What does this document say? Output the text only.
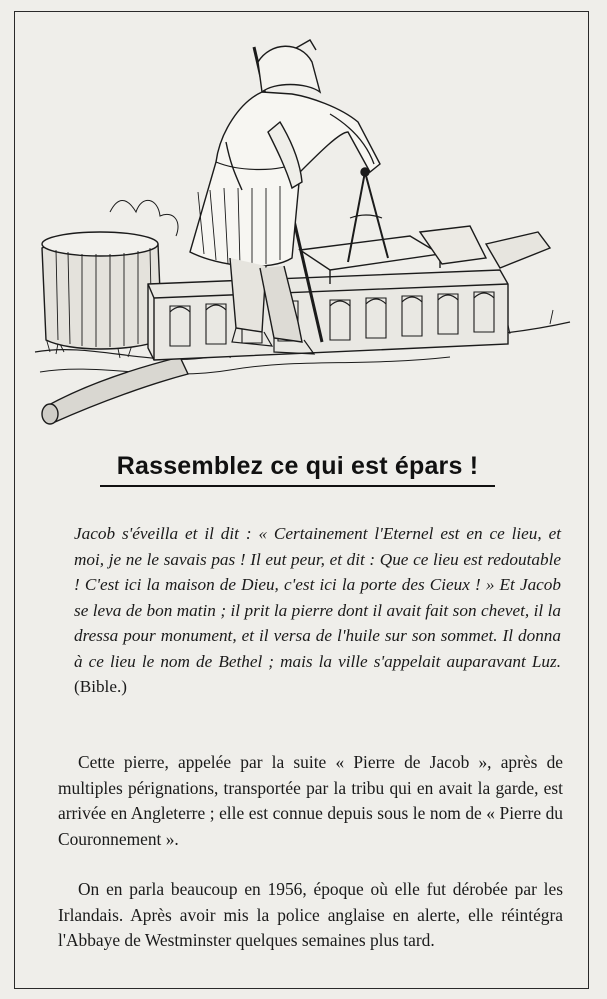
Rassemblez ce qui est épars !
Jacob s'éveilla et il dit : « Certainement l'Eternel est en ce lieu, et moi, je ne le savais pas ! Il eut peur, et dit : Que ce lieu est redoutable ! C'est ici la maison de Dieu, c'est ici la porte des Cieux ! » Et Jacob se leva de bon matin ; il prit la pierre dont il avait fait son chevet, il la dressa pour monument, et il versa de l'huile sur son sommet. Il donna à ce lieu le nom de Bethel ; mais la ville s'appelait auparavant Luz. (Bible.)
Cette pierre, appelée par la suite « Pierre de Jacob », après de multiples pérignations, transportée par la tribu qui en avait la garde, est arrivée en Angleterre ; elle est connue depuis sous le nom de « Pierre du Couronnement ».
On en parla beaucoup en 1956, époque où elle fut dérobée par les Irlandais. Après avoir mis la police anglaise en alerte, elle réintégra l'Abbaye de Westminster quelques semaines plus tard.
